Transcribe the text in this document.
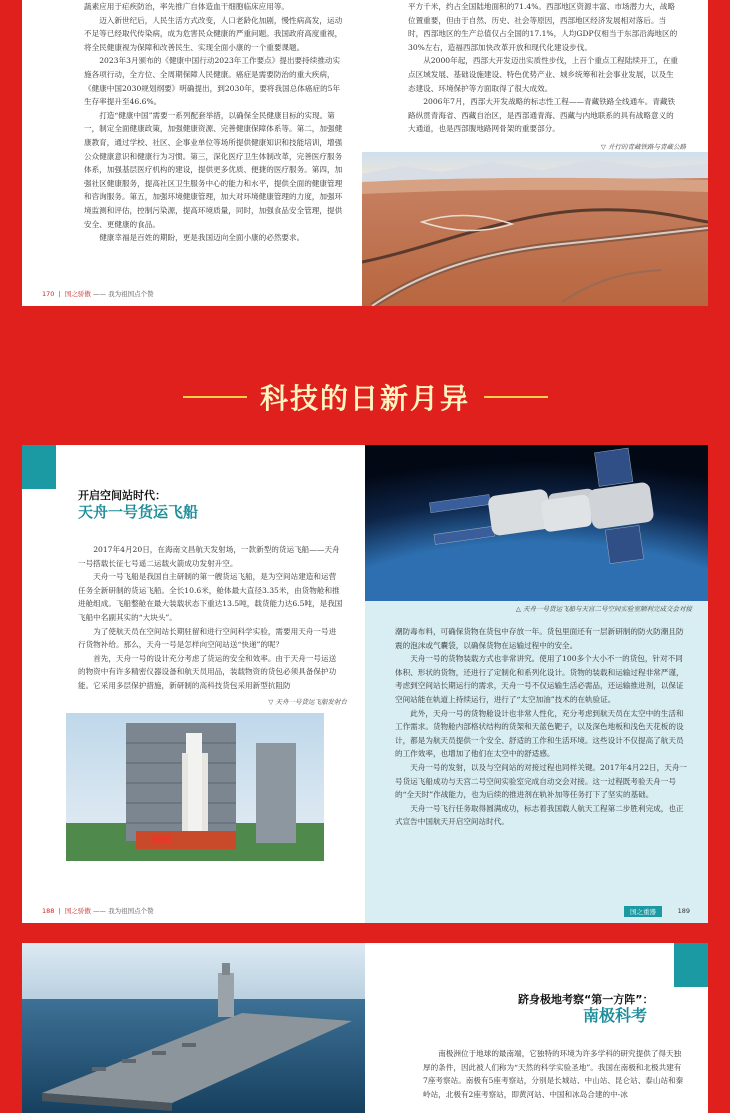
蔬素应用于疟疾防治，率先推广自体造血干细胞临床应用等。

迈入新世纪后，人民生活方式改变，人口老龄化加剧，慢性病高发，运动不足等已经取代传染病，成为危害民众健康的严重问题。我国政府高度重视，将全民健康视为保障和改善民生、实现全面小康的一个重要课题。

2023年3月颁布的《健康中国行动2023年工作要点》提出要持续推动实施各项行动，全方位、全周期保障人民健康。癌症是需要防治的重大疾病，《健康中国2030规划纲要》明确提出，到2030年，要将我国总体癌症的5年生存率提升至46.6%。

打造“健康中国”需要一系列配套举措，以确保全民健康目标的实现。第一，制定全面健康政策，加强健康资源、完善健康保障体系等。第二，加强健康教育，通过学校、社区、企事业单位等场所提供健康知识和技能培训，增强公众健康意识和健康行为习惯。第三，深化医疗卫生体制改革，完善医疗服务体系，加强基层医疗机构的建设，提供更多优质、便捷的医疗服务。第四，加强社区健康服务，提高社区卫生服务中心的能力和水平，提供全面的健康管理和咨询服务。第五，加强环境健康管理，加大对环境健康管理的力度，加强环境监测和评估，控制污染源，提高环境质量，同时，加强食品安全管理，提供安全、更健康的食品。

健康幸福是百姓的期盼，更是我国迈向全面小康的必然要求。

170  |  国之骄傲 —— 我为祖国点个赞

平方千米，约占全国陆地面积的71.4%。西部地区资源丰富、市场潜力大，战略位置重要，但由于自然、历史、社会等原因，西部地区经济发展相对落后。当时，西部地区的生产总值仅占全国的17.1%，人均GDP仅相当于东部沿海地区的30%左右，造福西部加快改革开放和现代化建设步伐。

从2000年起，西部大开发迈出实质性步伐，上百个重点工程陆续开工，在重点区域发展、基础设施建设、特色优势产业、城乡统筹和社会事业发展，以及生态建设、环境保护等方面取得了很大成效。

2006年7月，西部大开发战略的标志性工程——青藏铁路全线通车。青藏铁路纵贯青海省、西藏自治区，是西部通青海、西藏与内地联系的具有战略意义的大通道，也是西部腹地路网骨架的重要部分。

▽ 并行的青藏铁路与青藏公路
科技的日新月异
开启空间站时代：
天舟一号货运飞船

2017年4月20日，在海南文昌航天发射场，一款新型的货运飞船——天舟一号搭载长征七号遥二运载火箭成功发射升空。

天舟一号飞船是我国自主研制的第一艘货运飞船，是为空间站建造和运营任务全新研制的货运飞船。全长10.6米，舱体最大直径3.35米，由货物舱和推进舱组成。飞船整舱在最大装载状态下重达13.5吨，载货能力达6.5吨，是我国飞船中名副其实的“大块头”。

为了使航天员在空间站长期驻留和进行空间科学实验，需要用天舟一号进行货物补给。那么，天舟一号是怎样向空间站送“快递”的呢？

首先，天舟一号的设计充分考虑了货运的安全和效率。由于天舟一号运送的物资中有许多精密仪器设备和航天员用品，装载物资的货包必须具备保护功能。它采用多层保护措施，新研制的高科技货包采用新型抗阻防

▽ 天舟一号货运飞船发射台
188  |  国之骄傲 —— 我为祖国点个赞
△ 天舟一号货运飞船与天宫二号空间实验室顺利完成交会对接

潮防毒布料，可确保货物在货包中存放一年。货包里面还有一层新研制的防火防潮且防震的泡沫或气囊袋，以确保货物在运输过程中的安全。

天舟一号的货物装载方式也非常讲究。使用了100多个大小不一的货包，针对不同体积、形状的货物，还进行了定制化和系列化设计。货物的装载和运输过程非常严谨，考虑到空间站长期运行的需求，天舟一号不仅运输生活必需品，还运输推进剂，以保证空间站能在轨道上持续运行，进行了“太空加油”技术的在轨验证。

此外，天舟一号的货物舱设计也非常人性化，充分考虑到航天员在太空中的生活和工作需求。货物舱内部格状结构的货架和天蓝色靶子，以及深色地板和浅色天花板的设计，都是为航天员提供一个安全、舒适的工作和生活环境。这些设计不仅提高了航天员的工作效率，也增加了他们在太空中的舒适感。

天舟一号的发射，以及与空间站的对接过程也同样关键。2017年4月22日，天舟一号货运飞船成功与天宫二号空间实验室完成自动交会对接。这一过程既考验天舟一号的“全天时”作战能力，也为后续的推进剂在轨补加等任务打下了坚实的基础。

天舟一号飞行任务取得圆满成功，标志着我国载人航天工程第二步胜利完成，也正式宣告中国航天开启空间站时代。

国之重器	189
跻身极地考察“第一方阵”：
南极科考

南极洲位于地球的最南端，它独特的环境为许多学科的研究提供了得天独厚的条件，因此被人们称为“天然的科学实验圣地”。我国在南极和北极共建有7座考察站。南极有5座考察站，分别是长城站、中山站、昆仑站、泰山站和秦岭站，北极有2座考察站，即黄河站、中国和冰岛合建的中-冰
